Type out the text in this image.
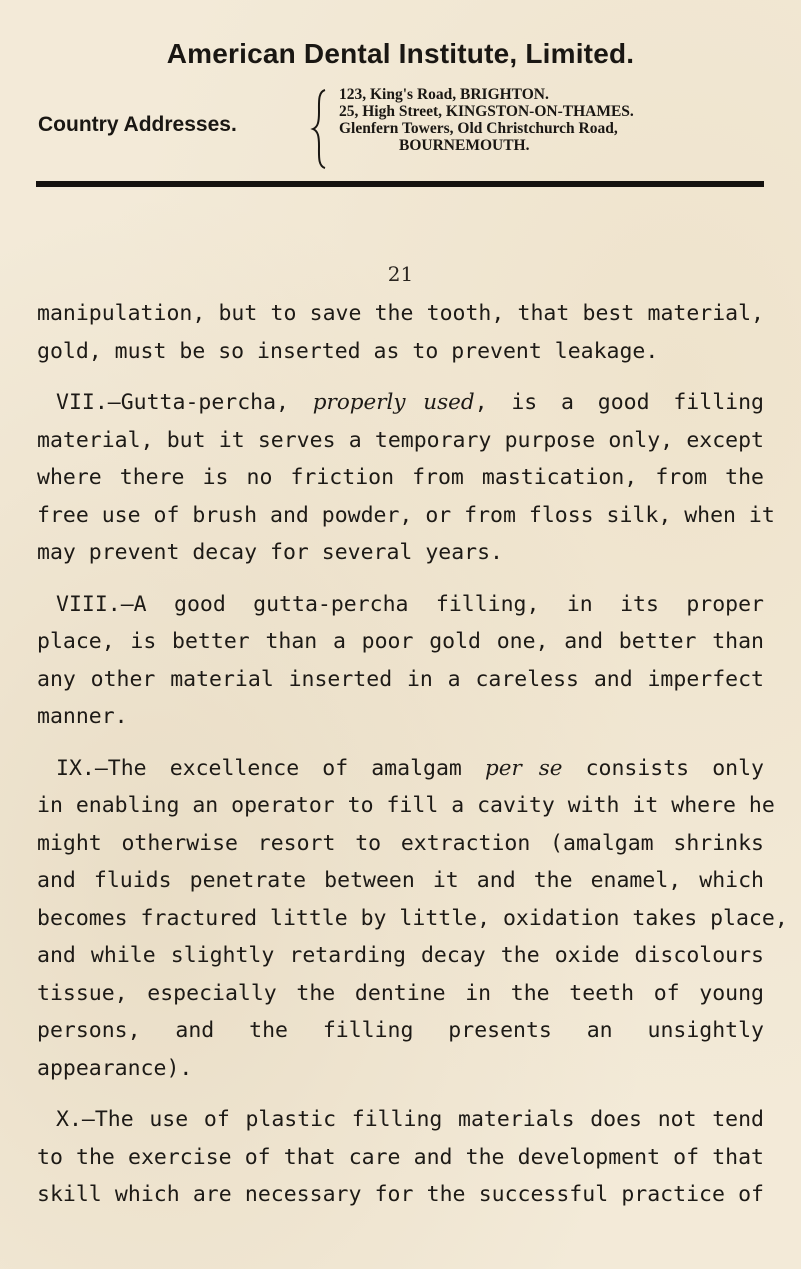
American Dental Institute, Limited.
Country Addresses.
123, King's Road, BRIGHTON.
25, High Street, KINGSTON-ON-THAMES.
Glenfern Towers, Old Christchurch Road,
BOURNEMOUTH.
21

manipulation, but to save the tooth, that best material,
gold, must be so inserted as to prevent leakage.

VII.—Gutta-percha, properly used, is a good filling
material, but it serves a temporary purpose only, except
where there is no friction from mastication, from the
free use of brush and powder, or from floss silk, when it
may prevent decay for several years.

VIII.—A good gutta-percha filling, in its proper
place, is better than a poor gold one, and better than
any other material inserted in a careless and imperfect
manner.

IX.—The excellence of amalgam per se consists only
in enabling an operator to fill a cavity with it where he
might otherwise resort to extraction (amalgam shrinks
and fluids penetrate between it and the enamel, which
becomes fractured little by little, oxidation takes place,
and while slightly retarding decay the oxide discolours
tissue, especially the dentine in the teeth of young
persons, and the filling presents an unsightly
appearance).

X.—The use of plastic filling materials does not tend
to the exercise of that care and the development of that
skill which are necessary for the successful practice of
